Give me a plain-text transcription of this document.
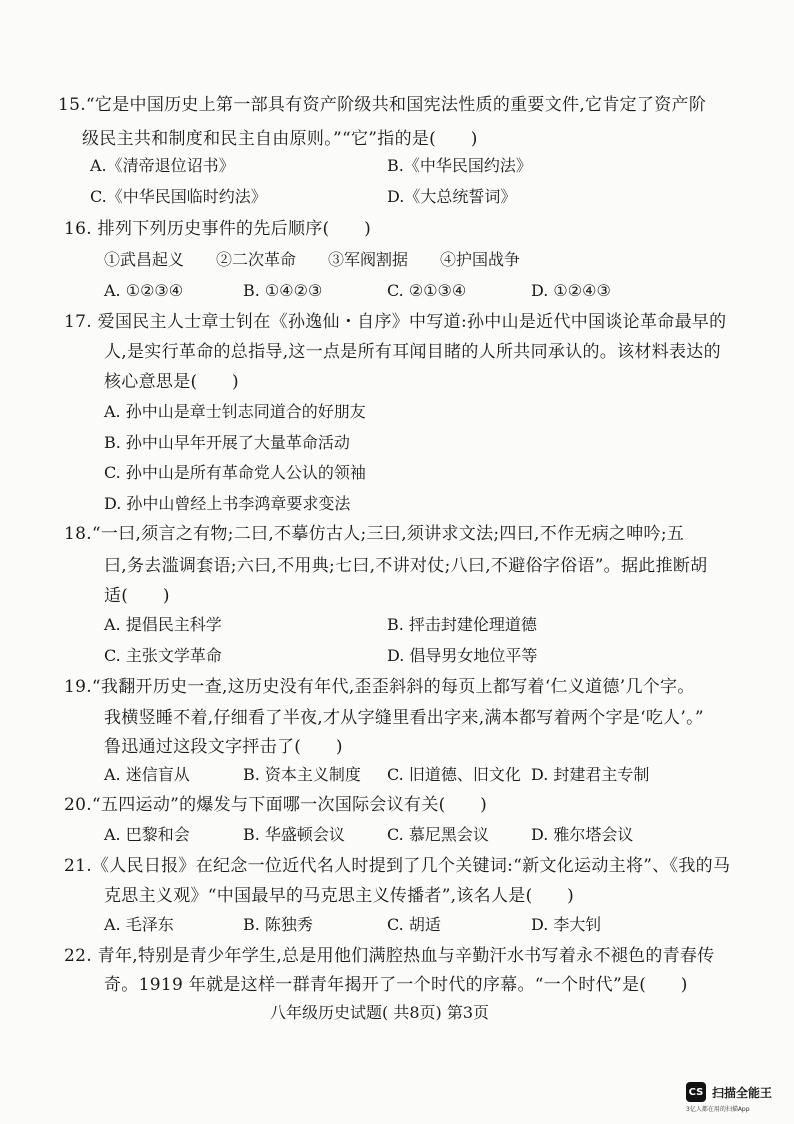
15.“它是中国历史上第一部具有资产阶级共和国宪法性质的重要文件,它肯定了资产阶
级民主共和制度和民主自由原则。”“它”指的是(　　)
A.《清帝退位诏书》	B.《中华民国约法》
C.《中华民国临时约法》	D.《大总统誓词》
16. 排列下列历史事件的先后顺序(　　)
①武昌起义　　②二次革命　　③军阀割据　　④护国战争
A. ①②③④	B. ①④②③	C. ②①③④	D. ①②④③
17. 爱国民主人士章士钊在《孙逸仙・自序》中写道:孙中山是近代中国谈论革命最早的
人,是实行革命的总指导,这一点是所有耳闻目睹的人所共同承认的。该材料表达的
核心意思是(　　)
A. 孙中山是章士钊志同道合的好朋友
B. 孙中山早年开展了大量革命活动
C. 孙中山是所有革命党人公认的领袖
D. 孙中山曾经上书李鸿章要求变法
18.“一曰,须言之有物;二曰,不摹仿古人;三曰,须讲求文法;四曰,不作无病之呻吟;五
曰,务去滥调套语;六曰,不用典;七曰,不讲对仗;八曰,不避俗字俗语”。据此推断胡
适(　　)
A. 提倡民主科学	B. 抨击封建伦理道德
C. 主张文学革命	D. 倡导男女地位平等
19.“我翻开历史一查,这历史没有年代,歪歪斜斜的每页上都写着‘仁义道德’几个字。
我横竖睡不着,仔细看了半夜,才从字缝里看出字来,满本都写着两个字是‘吃人’。”
鲁迅通过这段文字抨击了(　　)
A. 迷信盲从	B. 资本主义制度 C. 旧道德、旧文化 D. 封建君主专制
20.“五四运动”的爆发与下面哪一次国际会议有关(　　)
A. 巴黎和会	B. 华盛顿会议	C. 慕尼黑会议	D. 雅尔塔会议
21.《人民日报》在纪念一位近代名人时提到了几个关键词:“新文化运动主将”、《我的马
克思主义观》“中国最早的马克思主义传播者”,该名人是(　　)
A. 毛泽东	B. 陈独秀	C. 胡适	D. 李大钊
22. 青年,特别是青少年学生,总是用他们满腔热血与辛勤汗水书写着永不褪色的青春传
奇。1919 年就是这样一群青年揭开了一个时代的序幕。“一个时代”是(　　)
八年级历史试题( 共8页) 第3页
CS 扫描全能王
3亿人都在用的扫描App
